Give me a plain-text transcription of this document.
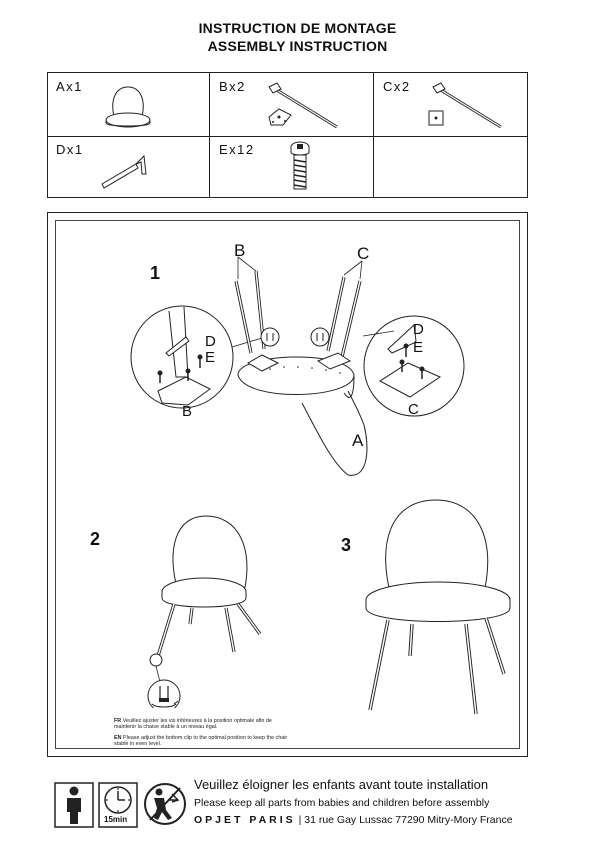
INSTRUCTION DE MONTAGE
ASSEMBLY INSTRUCTION
Ax1	Bx2	Cx2
Dx1	Ex12
1
2	3
B	C
D
E
B
D
E
C
A
FR Veuillez ajuster les vis inférieures à la position optimale afin de maintenir la chaise stable à un niveau égal.
EN Please adjust the bottom clip to the optimal position to keep the chair stable in even level.
15min
Veuillez éloigner les enfants avant toute installation
Please keep all parts from babies and children before assembly
OPJET PARIS | 31 rue Gay Lussac 77290 Mitry-Mory France
